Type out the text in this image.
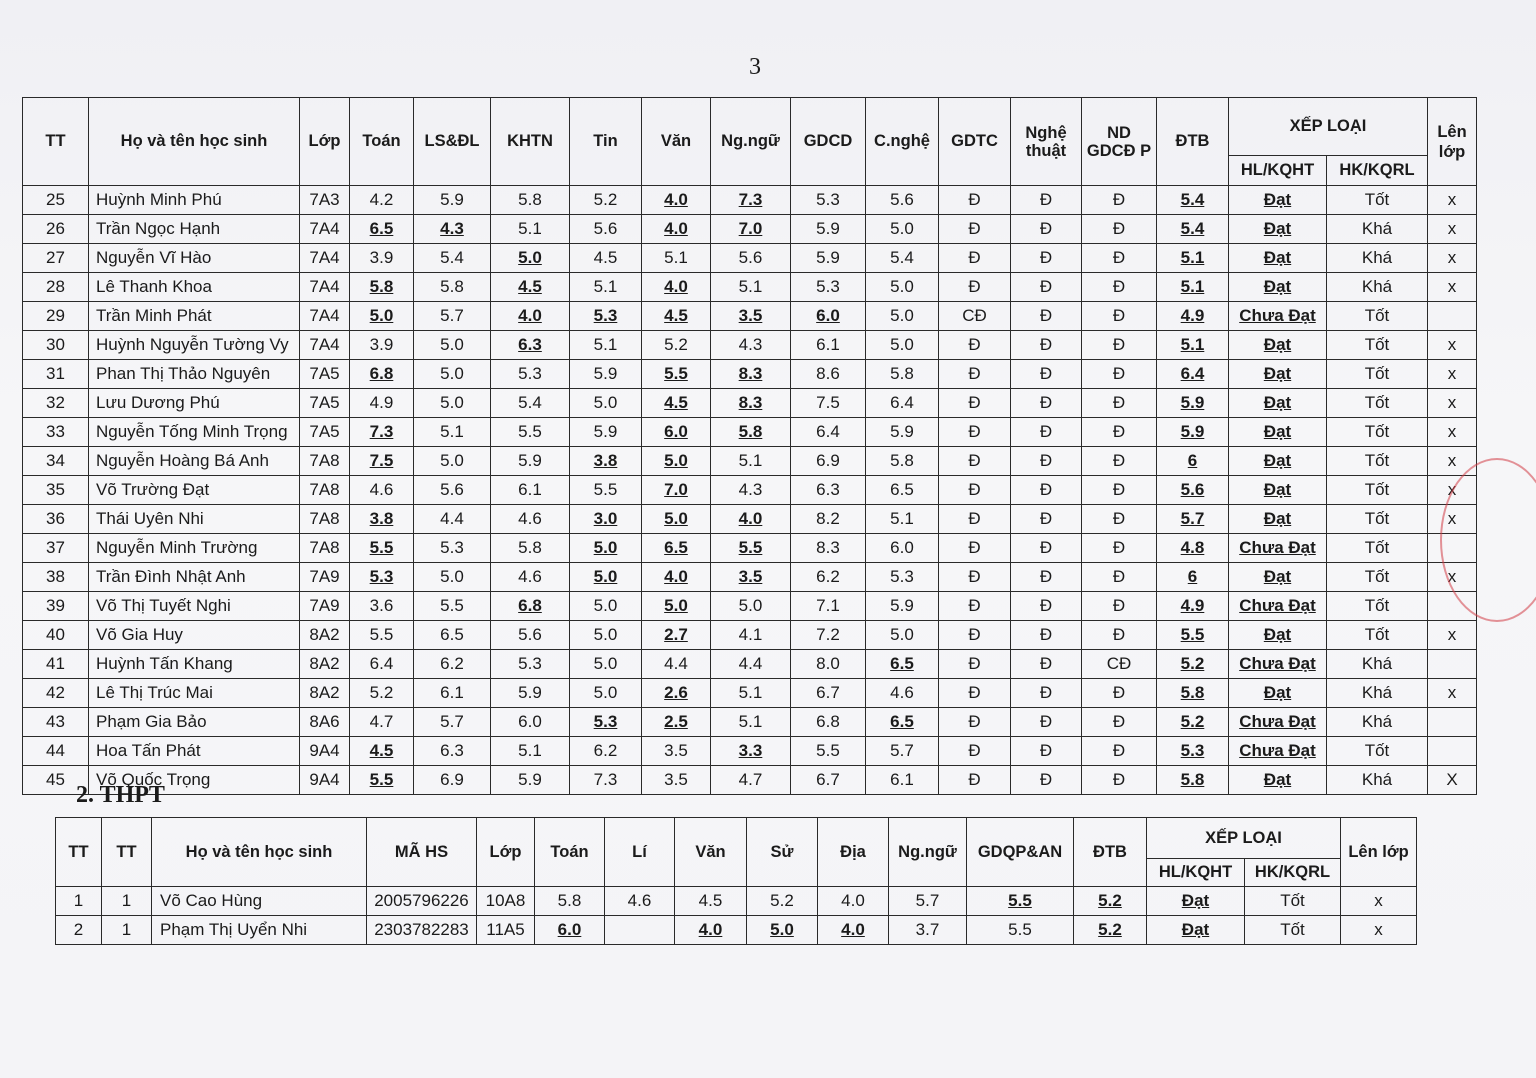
3
TT	Họ và tên học sinh	Lớp	Toán	LS&ĐL	KHTN	Tin	Văn	Ng.ngữ	GDCD	C.nghệ	GDTC	Nghệ thuật	ND GDCĐ P	ĐTB	XẾP LOẠI		Lên lớp
															HL/KQHT	HK/KQRL	
25	Huỳnh Minh Phú	7A3	4.2	5.9	5.8	5.2	4.0	7.3	5.3	5.6	Đ	Đ	Đ	5.4	Đạt	Tốt	x
26	Trần Ngọc Hạnh	7A4	6.5	4.3	5.1	5.6	4.0	7.0	5.9	5.0	Đ	Đ	Đ	5.4	Đạt	Khá	x
27	Nguyễn Vĩ Hào	7A4	3.9	5.4	5.0	4.5	5.1	5.6	5.9	5.4	Đ	Đ	Đ	5.1	Đạt	Khá	x
28	Lê Thanh Khoa	7A4	5.8	5.8	4.5	5.1	4.0	5.1	5.3	5.0	Đ	Đ	Đ	5.1	Đạt	Khá	x
29	Trần Minh Phát	7A4	5.0	5.7	4.0	5.3	4.5	3.5	6.0	5.0	CĐ	Đ	Đ	4.9	Chưa Đạt	Tốt	
30	Huỳnh Nguyễn Tường Vy	7A4	3.9	5.0	6.3	5.1	5.2	4.3	6.1	5.0	Đ	Đ	Đ	5.1	Đạt	Tốt	x
31	Phan Thị Thảo Nguyên	7A5	6.8	5.0	5.3	5.9	5.5	8.3	8.6	5.8	Đ	Đ	Đ	6.4	Đạt	Tốt	x
32	Lưu Dương Phú	7A5	4.9	5.0	5.4	5.0	4.5	8.3	7.5	6.4	Đ	Đ	Đ	5.9	Đạt	Tốt	x
33	Nguyễn Tống Minh Trọng	7A5	7.3	5.1	5.5	5.9	6.0	5.8	6.4	5.9	Đ	Đ	Đ	5.9	Đạt	Tốt	x
34	Nguyễn Hoàng Bá Anh	7A8	7.5	5.0	5.9	3.8	5.0	5.1	6.9	5.8	Đ	Đ	Đ	6	Đạt	Tốt	x
35	Võ Trường Đạt	7A8	4.6	5.6	6.1	5.5	7.0	4.3	6.3	6.5	Đ	Đ	Đ	5.6	Đạt	Tốt	x
36	Thái Uyên Nhi	7A8	3.8	4.4	4.6	3.0	5.0	4.0	8.2	5.1	Đ	Đ	Đ	5.7	Đạt	Tốt	x
37	Nguyễn Minh Trường	7A8	5.5	5.3	5.8	5.0	6.5	5.5	8.3	6.0	Đ	Đ	Đ	4.8	Chưa Đạt	Tốt	
38	Trần Đình Nhật Anh	7A9	5.3	5.0	4.6	5.0	4.0	3.5	6.2	5.3	Đ	Đ	Đ	6	Đạt	Tốt	x
39	Võ Thị Tuyết Nghi	7A9	3.6	5.5	6.8	5.0	5.0	5.0	7.1	5.9	Đ	Đ	Đ	4.9	Chưa Đạt	Tốt	
40	Võ Gia Huy	8A2	5.5	6.5	5.6	5.0	2.7	4.1	7.2	5.0	Đ	Đ	Đ	5.5	Đạt	Tốt	x
41	Huỳnh Tấn Khang	8A2	6.4	6.2	5.3	5.0	4.4	4.4	8.0	6.5	Đ	Đ	CĐ	5.2	Chưa Đạt	Khá	
42	Lê Thị Trúc Mai	8A2	5.2	6.1	5.9	5.0	2.6	5.1	6.7	4.6	Đ	Đ	Đ	5.8	Đạt	Khá	x
43	Phạm Gia Bảo	8A6	4.7	5.7	6.0	5.3	2.5	5.1	6.8	6.5	Đ	Đ	Đ	5.2	Chưa Đạt	Khá	
44	Hoa Tấn Phát	9A4	4.5	6.3	5.1	6.2	3.5	3.3	5.5	5.7	Đ	Đ	Đ	5.3	Chưa Đạt	Tốt	
45	Võ Quốc Trọng	9A4	5.5	6.9	5.9	7.3	3.5	4.7	6.7	6.1	Đ	Đ	Đ	5.8	Đạt	Khá	X
2. THPT
TT	TT	Họ và tên học sinh	MÃ HS	Lớp	Toán	Lí	Văn	Sử	Địa	Ng.ngữ	GDQP&AN	ĐTB	XẾP LOẠI		Lên lớp
													HL/KQHT	HK/KQRL	
1	1	Võ Cao Hùng	2005796226	10A8	5.8	4.6	4.5	5.2	4.0	5.7	5.5	5.2	Đạt	Tốt	x
2	1	Phạm Thị Uyển Nhi	2303782283	11A5	6.0		4.0	5.0	4.0	3.7	5.5	5.2	Đạt	Tốt	x
